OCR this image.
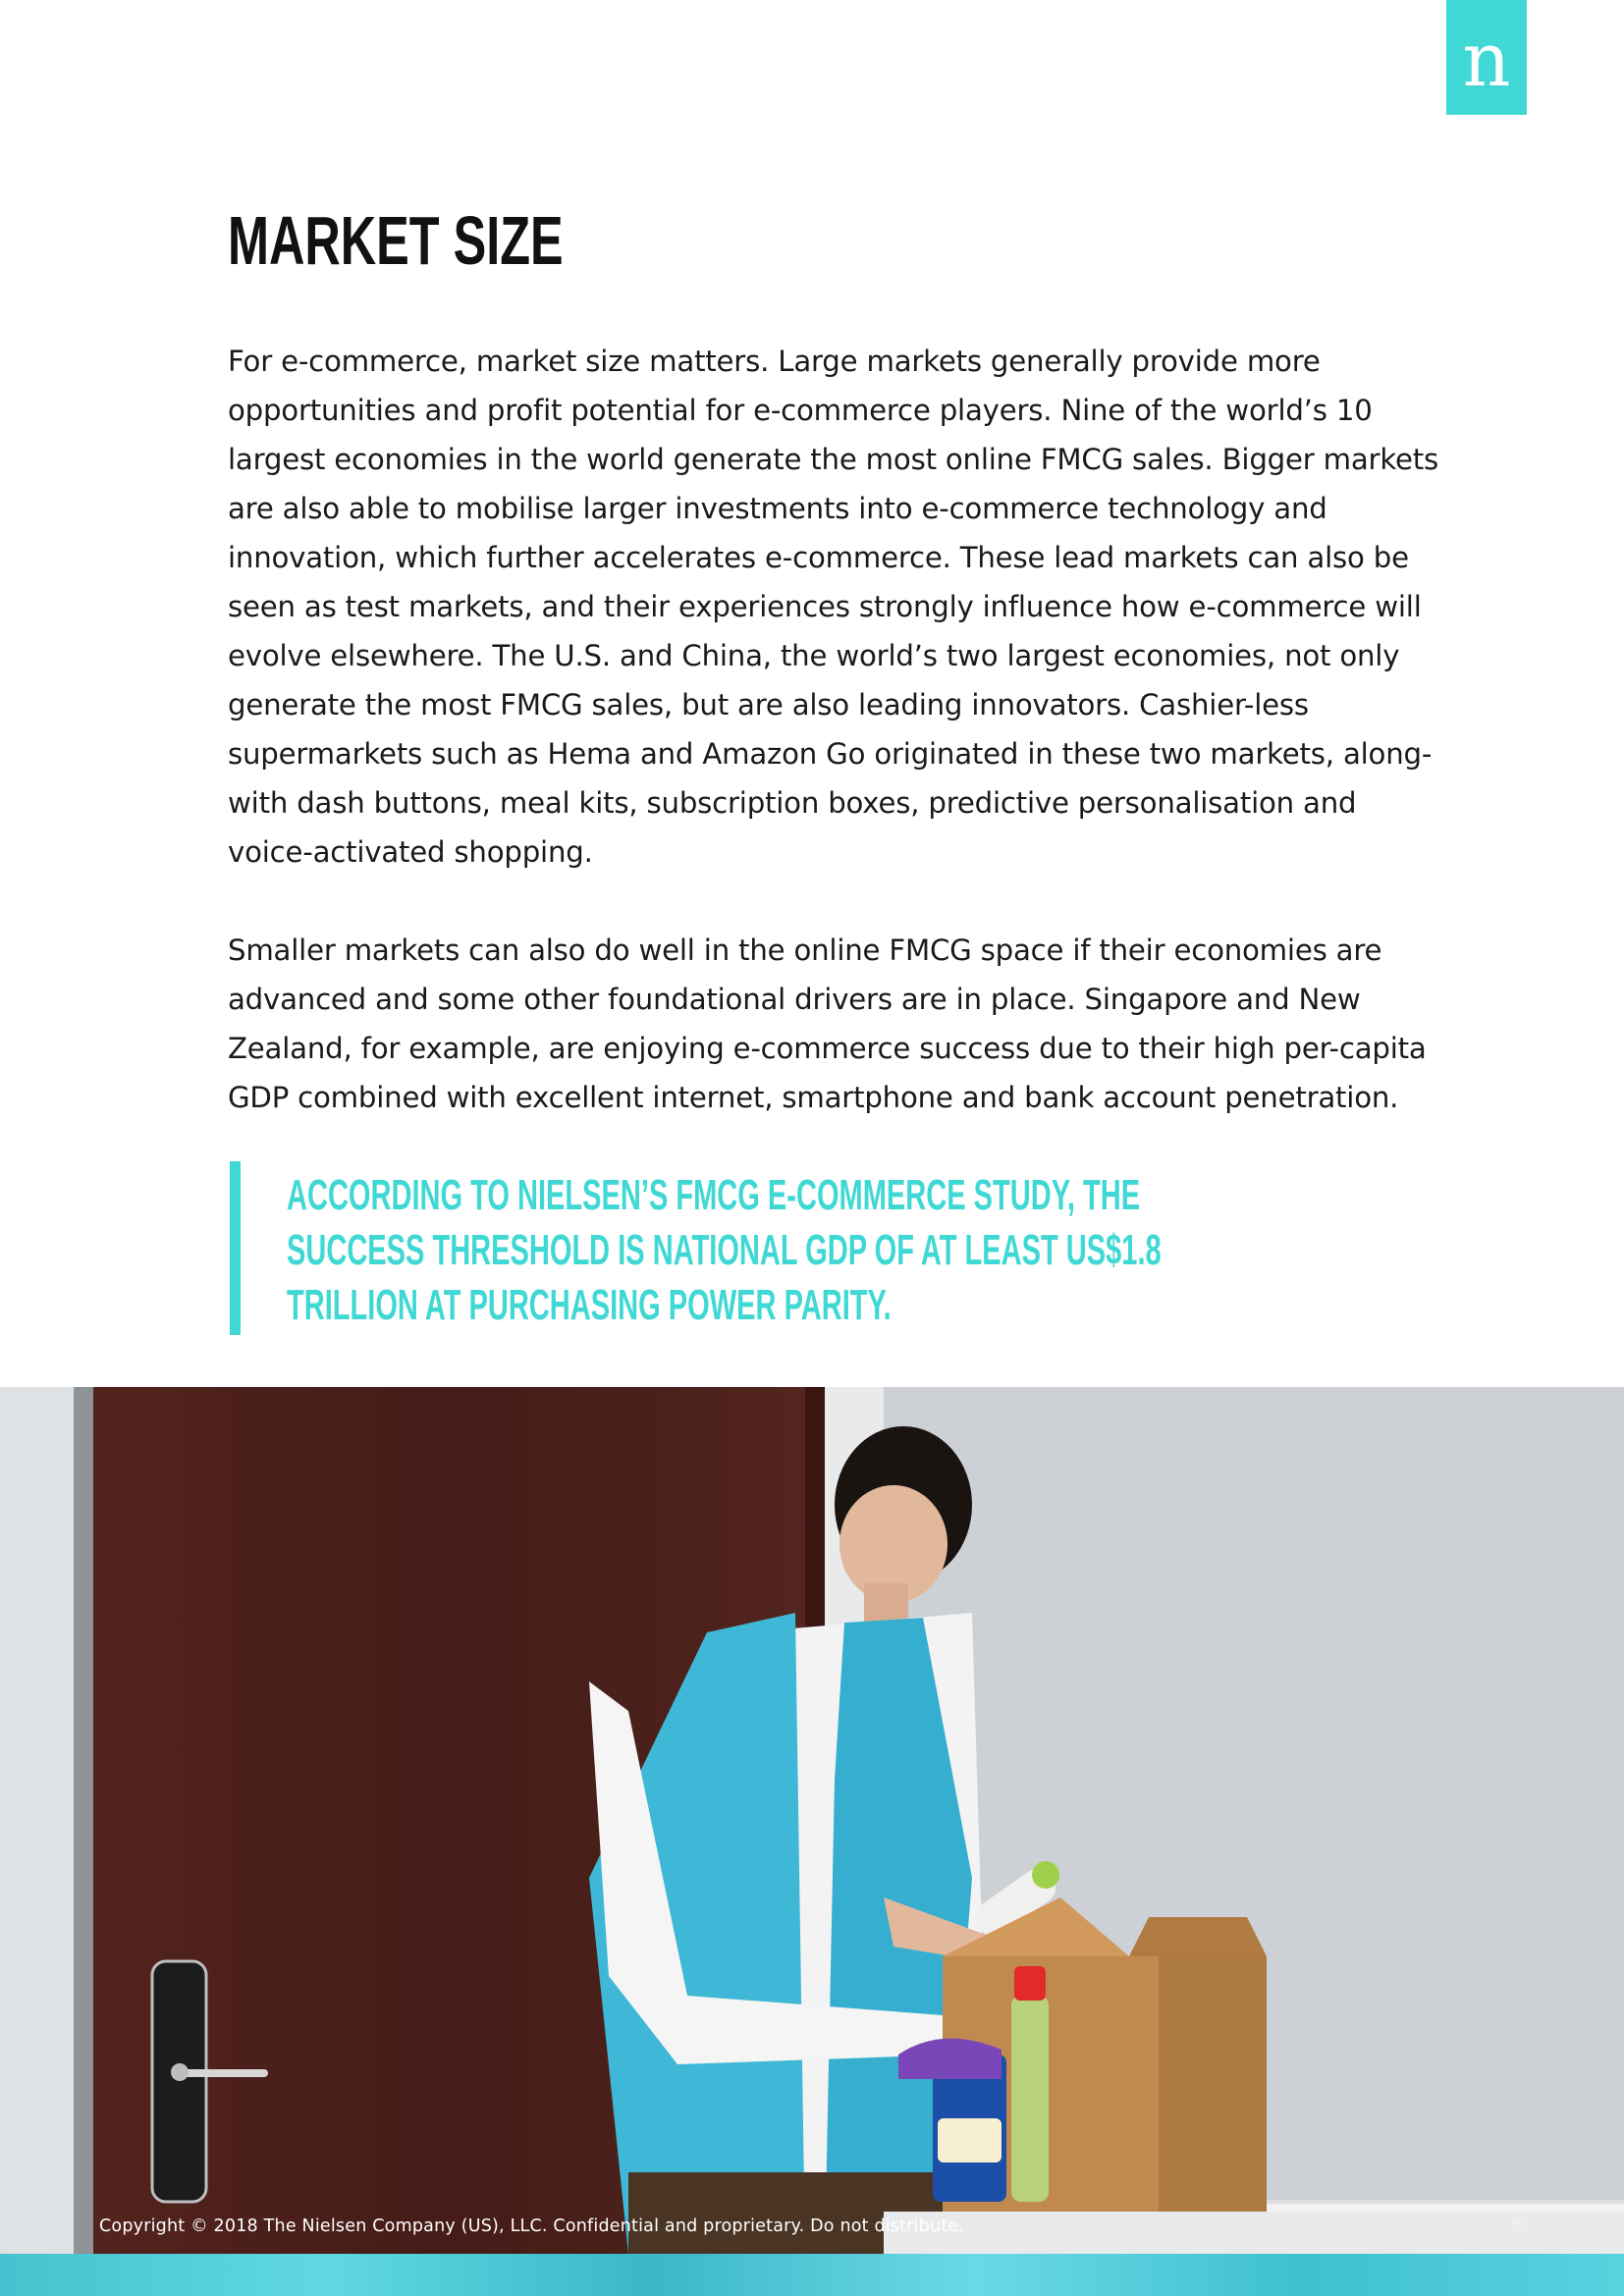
n
MARKET SIZE

For e-commerce, market size matters. Large markets generally provide more opportunities and profit potential for e-commerce players. Nine of the world’s 10 largest economies in the world generate the most online FMCG sales. Bigger markets are also able to mobilise larger investments into e-commerce technology and innovation, which further accelerates e-commerce. These lead markets can also be seen as test markets, and their experiences strongly influence how e-commerce will evolve elsewhere. The U.S. and China, the world’s two largest economies, not only generate the most FMCG sales, but are also leading innovators. Cashier-less supermarkets such as Hema and Amazon Go originated in these two markets, along-with dash buttons, meal kits, subscription boxes, predictive personalisation and voice-activated shopping.

Smaller markets can also do well in the online FMCG space if their economies are advanced and some other foundational drivers are in place. Singapore and New Zealand, for example, are enjoying e-commerce success due to their high per-capita GDP combined with excellent internet, smartphone and bank account penetration.

ACCORDING TO NIELSEN’S FMCG E-COMMERCE STUDY, THE SUCCESS THRESHOLD IS NATIONAL GDP OF AT LEAST US$1.8 TRILLION AT PURCHASING POWER PARITY.

Copyright © 2018 The Nielsen Company (US), LLC. Confidential and proprietary. Do not distribute.	6
